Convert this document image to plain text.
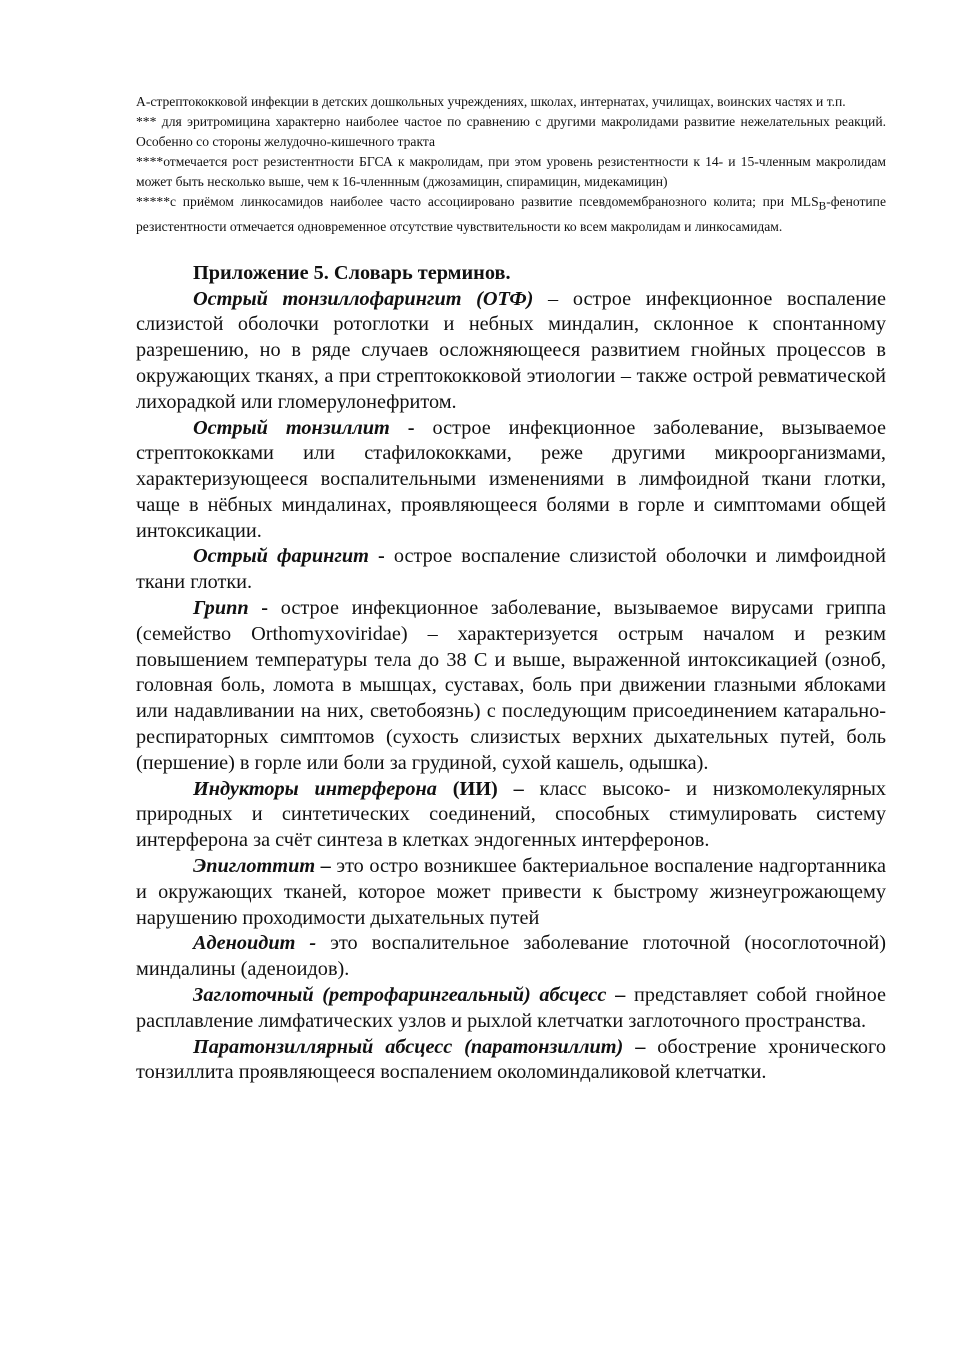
А-стрептококковой инфекции в детских дошкольных учреждениях, школах, интернатах, училищах, воинских частях и т.п.

*** для эритромицина характерно наиболее частое по сравнению с другими макролидами развитие нежелательных реакций. Особенно со стороны желудочно-кишечного тракта

****отмечается рост резистентности БГСА к макролидам, при этом уровень резистентности к 14- и 15-членным макролидам может быть несколько выше, чем к 16-членнным (джозамицин, спирамицин, мидекамицин)

*****с приёмом линкосамидов наиболее часто ассоциировано развитие псевдомембранозного колита; при $MLS_B$-фенотипе резистентности отмечается одновременное отсутствие чувствительности ко всем макролидам и линкосамидам.

Приложение 5. Словарь терминов.

Острый тонзиллофарингит (ОТФ) – острое инфекционное воспаление слизистой оболочки ротоглотки и небных миндалин, склонное к спонтанному разрешению, но в ряде случаев осложняющееся развитием гнойных процессов в окружающих тканях, а при стрептококковой этиологии – также острой ревматической лихорадкой или гломерулонефритом.

Острый тонзиллит - острое инфекционное заболевание, вызываемое стрептококками или стафилококками, реже другими микроорганизмами, характеризующееся воспалительными изменениями в лимфоидной ткани глотки, чаще в нёбных миндалинах, проявляющееся болями в горле и симптомами общей интоксикации.

Острый фарингит - острое воспаление слизистой оболочки и лимфоидной ткани глотки.

Грипп - острое инфекционное заболевание, вызываемое вирусами гриппа (семейство Orthomyxoviridae) – характеризуется острым началом и резким повышением температуры тела до 38 С и выше, выраженной интоксикацией (озноб, головная боль, ломота в мышцах, суставах, боль при движении глазными яблоками или надавливании на них, светобоязнь) с последующим присоединением катарально-респираторных симптомов (сухость слизистых верхних дыхательных путей, боль (першение) в горле или боли за грудиной, сухой кашель, одышка).

Индукторы интерферона (ИИ) – класс высоко- и низкомолекулярных природных и синтетических соединений, способных стимулировать систему интерферона за счёт синтеза в клетках эндогенных интерферонов.

Эпиглоттит – это остро возникшее бактериальное воспаление надгортанника и окружающих тканей, которое может привести к быстрому жизнеугрожающему нарушению проходимости дыхательных путей

Аденоидит - это воспалительное заболевание глоточной (носоглоточной) миндалины (аденоидов).

Заглоточный (ретрофарингеальный) абсцесс – представляет собой гнойное расплавление лимфатических узлов и рыхлой клетчатки заглоточного пространства.

Паратонзиллярный абсцесс (паратонзиллит) – обострение хронического тонзиллита проявляющееся воспалением околоминдаликовой клетчатки.
